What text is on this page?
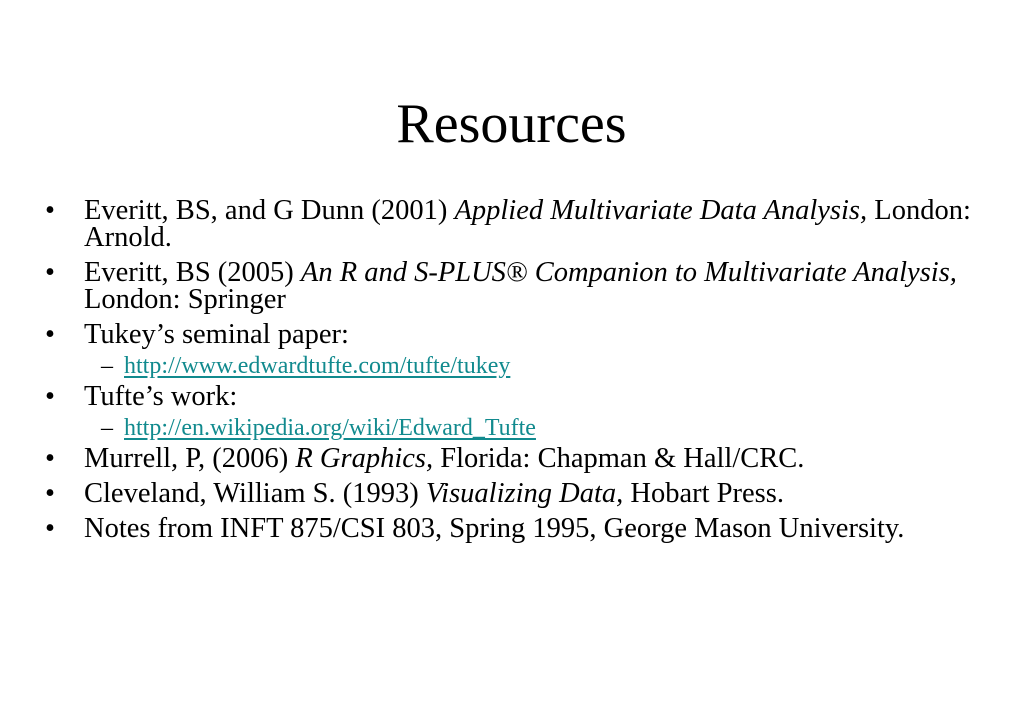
Resources
• Everitt, BS, and G Dunn (2001) Applied Multivariate Data Analysis, London: Arnold.
• Everitt, BS (2005) An R and S-PLUS® Companion to Multivariate Analysis, London: Springer
• Tukey’s seminal paper:
– http://www.edwardtufte.com/tufte/tukey
• Tufte’s work:
– http://en.wikipedia.org/wiki/Edward_Tufte
• Murrell, P, (2006) R Graphics, Florida: Chapman & Hall/CRC.
• Cleveland, William S. (1993) Visualizing Data, Hobart Press.
• Notes from INFT 875/CSI 803, Spring 1995, George Mason University.
